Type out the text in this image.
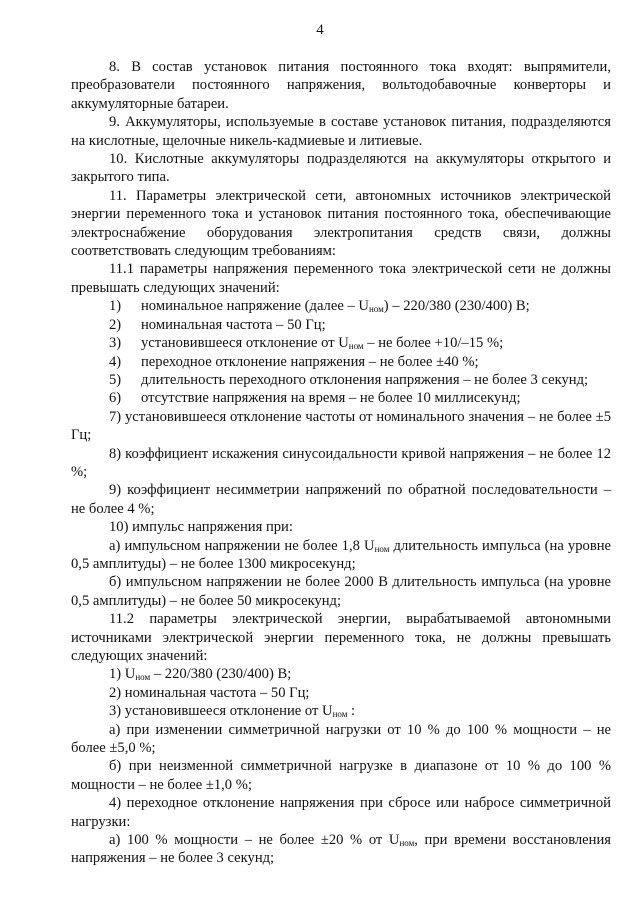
4

8. В состав установок питания постоянного тока входят: выпрямители, преобразователи постоянного напряжения, вольтодобавочные конверторы и аккумуляторные батареи.

9. Аккумуляторы, используемые в составе установок питания, подразделяются на кислотные, щелочные никель-кадмиевые и литиевые.

10. Кислотные аккумуляторы подразделяются на аккумуляторы открытого и закрытого типа.

11. Параметры электрической сети, автономных источников электрической энергии переменного тока и установок питания постоянного тока, обеспечивающие электроснабжение оборудования электропитания средств связи, должны соответствовать следующим требованиям:

11.1 параметры напряжения переменного тока электрической сети не должны превышать следующих значений:

1) номинальное напряжение (далее – $U_{ном}) - 220/380$ (230/400) В;

2) номинальная частота – 50 Гц;

3) установившееся отклонение от $U_{ном}$ – не более +10/–15 %;

4) переходное отклонение напряжения – не более ±40 %;

5) длительность переходного отклонения напряжения – не более 3 секунд;

6) отсутствие напряжения на время – не более 10 миллисекунд;

7) установившееся отклонение частоты от номинального значения – не более ±5 Гц;

8) коэффициент искажения синусоидальности кривой напряжения – не более 12 %;

9) коэффициент несимметрии напряжений по обратной последовательности – не более 4 %;

10) импульс напряжения при:

а) импульсном напряжении не более 1,8 $U_{ном}$ длительность импульса (на уровне 0,5 амплитуды) – не более 1300 микросекунд;

б) импульсном напряжении не более 2000 В длительность импульса (на уровне 0,5 амплитуды) – не более 50 микросекунд;

11.2 параметры электрической энергии, вырабатываемой автономными источниками электрической энергии переменного тока, не должны превышать следующих значений:

1) $U_{ном} - 220/380$ (230/400) В;

2) номинальная частота – 50 Гц;

3) установившееся отклонение от $U_{ном}$ :

а) при изменении симметричной нагрузки от 10 % до 100 % мощности – не более ±5,0 %;

б) при неизменной симметричной нагрузке в диапазоне от 10 % до 100 % мощности – не более ±1,0 %;

4) переходное отклонение напряжения при сбросе или набросе симметричной нагрузки:

а) 100 % мощности – не более ±20 % от $U_{ном}$, при времени восстановления напряжения – не более 3 секунд;
